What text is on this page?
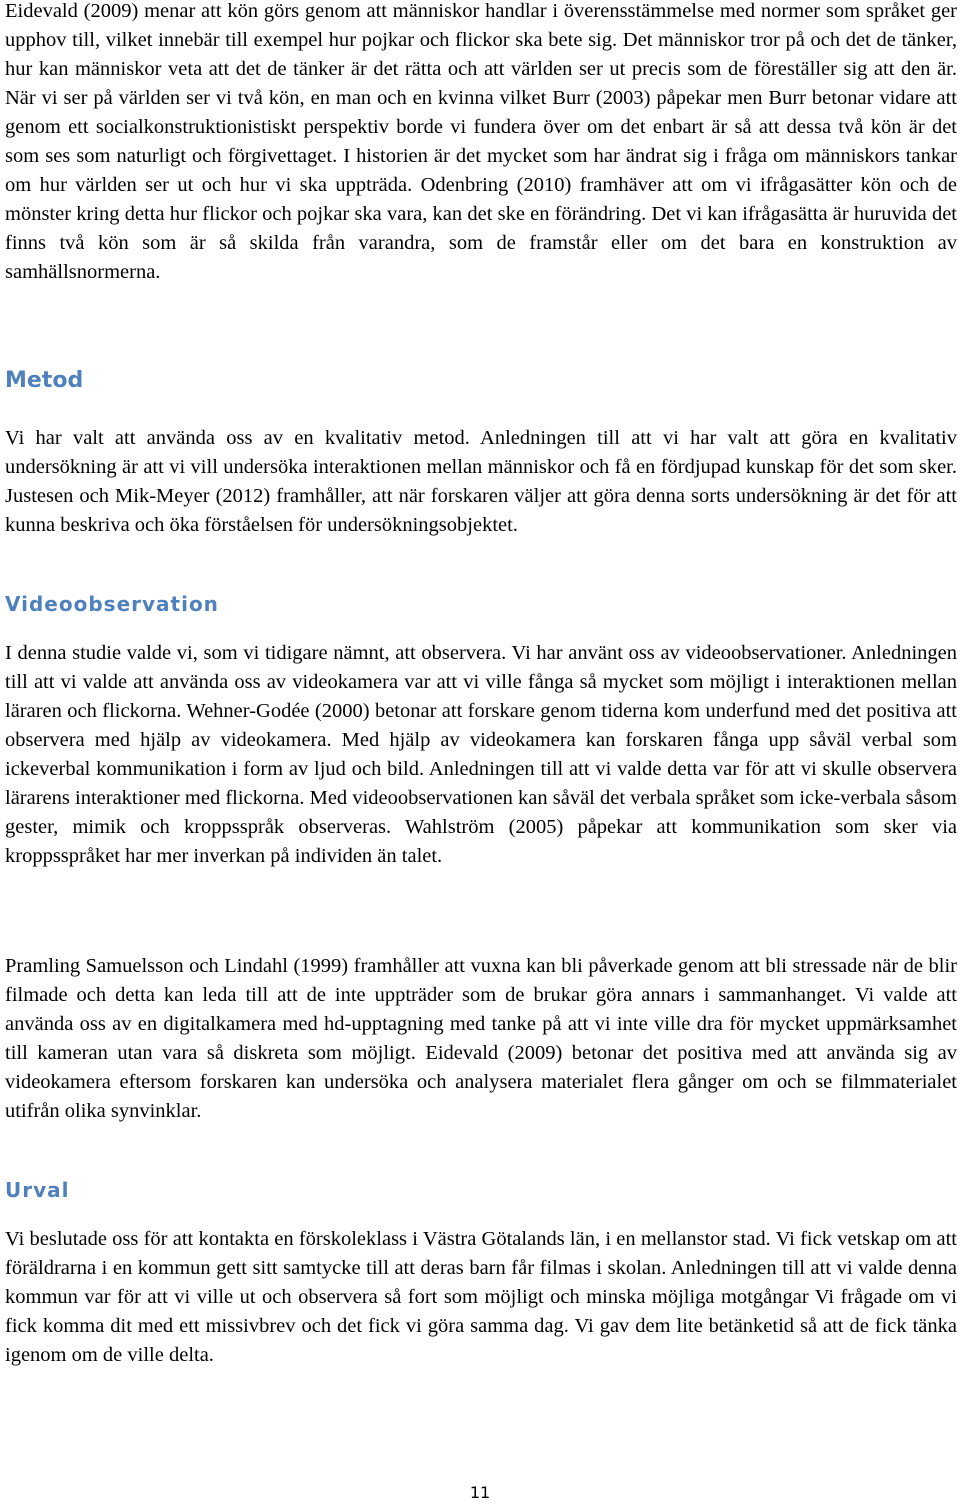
Eidevald (2009) menar att kön görs genom att människor handlar i överensstämmelse med normer som språket ger upphov till, vilket innebär till exempel hur pojkar och flickor ska bete sig. Det människor tror på och det de tänker, hur kan människor veta att det de tänker är det rätta och att världen ser ut precis som de föreställer sig att den är. När vi ser på världen ser vi två kön, en man och en kvinna vilket Burr (2003) påpekar men Burr betonar vidare att genom ett socialkonstruktionistiskt perspektiv borde vi fundera över om det enbart är så att dessa två kön är det som ses som naturligt och förgivettaget. I historien är det mycket som har ändrat sig i fråga om människors tankar om hur världen ser ut och hur vi ska uppträda. Odenbring (2010) framhäver att om vi ifrågasätter kön och de mönster kring detta hur flickor och pojkar ska vara, kan det ske en förändring. Det vi kan ifrågasätta är huruvida det finns två kön som är så skilda från varandra, som de framstår eller om det bara en konstruktion av samhällsnormerna.

Metod

Vi har valt att använda oss av en kvalitativ metod. Anledningen till att vi har valt att göra en kvalitativ undersökning är att vi vill undersöka interaktionen mellan människor och få en fördjupad kunskap för det som sker. Justesen och Mik-Meyer (2012) framhåller, att när forskaren väljer att göra denna sorts undersökning är det för att kunna beskriva och öka förståelsen för undersökningsobjektet.

Videoobservation

I denna studie valde vi, som vi tidigare nämnt, att observera. Vi har använt oss av videoobservationer. Anledningen till att vi valde att använda oss av videokamera var att vi ville fånga så mycket som möjligt i interaktionen mellan läraren och flickorna. Wehner-Godée (2000) betonar att forskare genom tiderna kom underfund med det positiva att observera med hjälp av videokamera. Med hjälp av videokamera kan forskaren fånga upp såväl verbal som ickeverbal kommunikation i form av ljud och bild. Anledningen till att vi valde detta var för att vi skulle observera lärarens interaktioner med flickorna. Med videoobservationen kan såväl det verbala språket som icke-verbala såsom gester, mimik och kroppsspråk observeras. Wahlström (2005) påpekar att kommunikation som sker via kroppsspråket har mer inverkan på individen än talet.

Pramling Samuelsson och Lindahl (1999) framhåller att vuxna kan bli påverkade genom att bli stressade när de blir filmade och detta kan leda till att de inte uppträder som de brukar göra annars i sammanhanget. Vi valde att använda oss av en digitalkamera med hd-upptagning med tanke på att vi inte ville dra för mycket uppmärksamhet till kameran utan vara så diskreta som möjligt. Eidevald (2009) betonar det positiva med att använda sig av videokamera eftersom forskaren kan undersöka och analysera materialet flera gånger om och se filmmaterialet utifrån olika synvinklar.

Urval

Vi beslutade oss för att kontakta en förskoleklass i Västra Götalands län, i en mellanstor stad. Vi fick vetskap om att föräldrarna i en kommun gett sitt samtycke till att deras barn får filmas i skolan. Anledningen till att vi valde denna kommun var för att vi ville ut och observera så fort som möjligt och minska möjliga motgångar Vi frågade om vi fick komma dit med ett missivbrev och det fick vi göra samma dag. Vi gav dem lite betänketid så att de fick tänka igenom om de ville delta.

11
